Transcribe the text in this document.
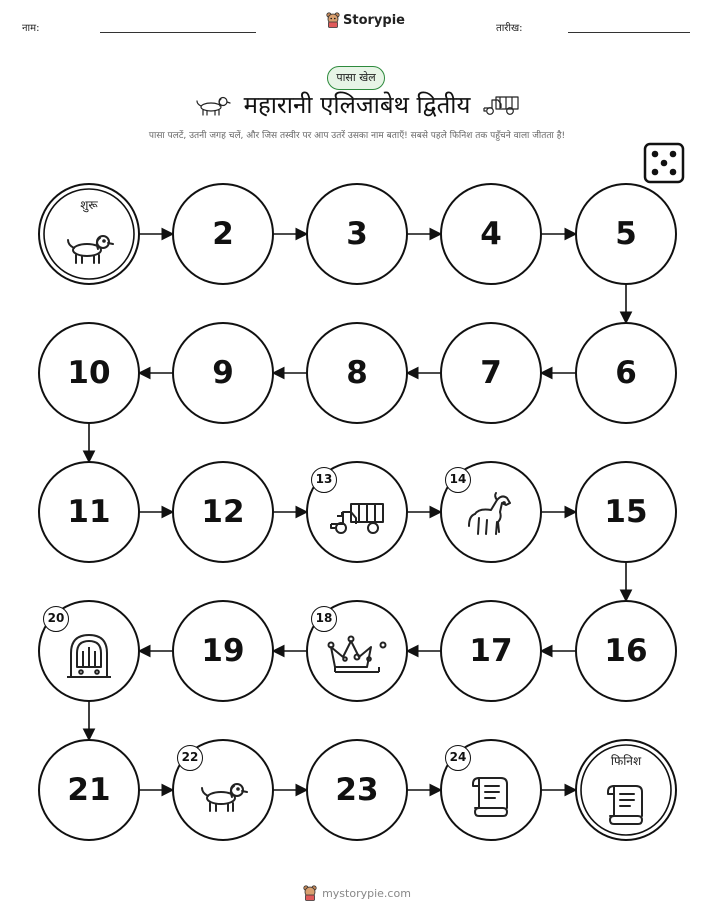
नाम:
Storypie
तारीख:
पासा खेल
महारानी एलिजाबेथ द्वितीय
पासा पलटें, उतनी जगह चलें, और जिस तस्वीर पर आप उतरें उसका नाम बताएँ! सबसे पहले फिनिश तक पहुँचने वाला जीतता है!
शुरू
2	3	4	5
6
7
8
9
10
11	12
13	14
15
16
17
18
19
20
21
22
23
24	फिनिश
mystorypie.com
